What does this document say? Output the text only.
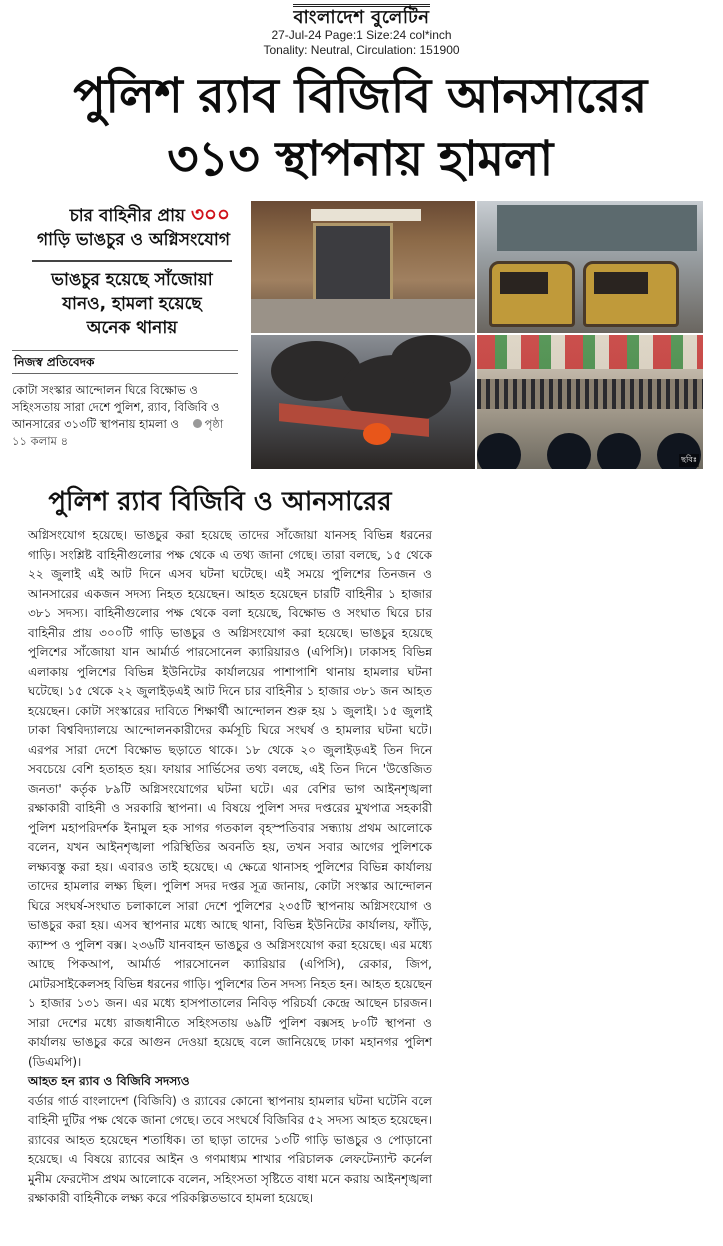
বাংলাদেশ বুলেটিন
27-Jul-24 Page:1 Size:24 col*inch
Tonality: Neutral, Circulation: 151900
পুলিশ র‍্যাব বিজিবি আনসারের
৩১৩ স্থাপনায় হামলা
চার বাহিনীর প্রায় ৩০০
গাড়ি ভাঙচুর ও অগ্নিসংযোগ
ভাঙচুর হয়েছে সাঁজোয়া
যানও, হামলা হয়েছে
অনেক থানায়
নিজস্ব প্রতিবেদক
কোটা সংস্কার আন্দোলন ঘিরে বিক্ষোভ ও সহিংসতায় সারা দেশে পুলিশ, র‍্যাব, বিজিবি ও আনসারের ৩১৩টি স্থাপনায় হামলা ও পৃষ্ঠা ১১ কলাম ৪
ছবিঃ
পুলিশ র‍্যাব বিজিবি ও আনসারের

অগ্নিসংযোগ হয়েছে। ভাঙচুর করা হয়েছে তাদের সাঁজোয়া যানসহ বিভিন্ন ধরনের গাড়ি। সংশ্লিষ্ট বাহিনীগুলোর পক্ষ থেকে এ তথ্য জানা গেছে। তারা বলছে, ১৫ থেকে ২২ জুলাই এই আট দিনে এসব ঘটনা ঘটেছে। এই সময়ে পুলিশের তিনজন ও আনসারের একজন সদস্য নিহত হয়েছেন। আহত হয়েছেন চারটি বাহিনীর ১ হাজার ৩৮১ সদস্য। বাহিনীগুলোর পক্ষ থেকে বলা হয়েছে, বিক্ষোভ ও সংঘাত ঘিরে চার বাহিনীর প্রায় ৩০০টি গাড়ি ভাঙচুর ও অগ্নিসংযোগ করা হয়েছে। ভাঙচুর হয়েছে পুলিশের সাঁজোয়া যান আর্মার্ড পারসোনেল ক্যারিয়ারও (এপিসি)। ঢাকাসহ বিভিন্ন এলাকায় পুলিশের বিভিন্ন ইউনিটের কার্যালয়ের পাশাপাশি থানায় হামলার ঘটনা ঘটেছে। ১৫ থেকে ২২ জুলাইড়এই আট দিনে চার বাহিনীর ১ হাজার ৩৮১ জন আহত হয়েছেন। কোটা সংস্কারের দাবিতে শিক্ষার্থী আন্দোলন শুরু হয় ১ জুলাই। ১৫ জুলাই ঢাকা বিশ্ববিদ্যালয়ে আন্দোলনকারীদের কর্মসূচি ঘিরে সংঘর্ষ ও হামলার ঘটনা ঘটে। এরপর সারা দেশে বিক্ষোভ ছড়াতে থাকে। ১৮ থেকে ২০ জুলাইড়এই তিন দিনে সবচেয়ে বেশি হতাহত হয়। ফায়ার সার্ভিসের তথ্য বলছে, এই তিন দিনে 'উত্তেজিত জনতা' কর্তৃক ৮৯টি অগ্নিসংযোগের ঘটনা ঘটে। এর বেশির ভাগ আইনশৃঙ্খলা রক্ষাকারী বাহিনী ও সরকারি স্থাপনা। এ বিষয়ে পুলিশ সদর দপ্তরের মুখপাত্র সহকারী পুলিশ মহাপরিদর্শক ইনামুল হক সাগর গতকাল বৃহস্পতিবার সন্ধ্যায় প্রথম আলোকে বলেন, যখন আইনশৃঙ্খলা পরিস্থিতির অবনতি হয়, তখন সবার আগের পুলিশকে লক্ষ্যবস্তু করা হয়। এবারও তাই হয়েছে। এ ক্ষেত্রে থানাসহ পুলিশের বিভিন্ন কার্যালয় তাদের হামলার লক্ষ্য ছিল। পুলিশ সদর দপ্তর সূত্র জানায়, কোটা সংস্কার আন্দোলন ঘিরে সংঘর্ষ-সংঘাত চলাকালে সারা দেশে পুলিশের ২৩৫টি স্থাপনায় অগ্নিসংযোগ ও ভাঙচুর করা হয়। এসব স্থাপনার মধ্যে আছে থানা, বিভিন্ন ইউনিটের কার্যালয়, ফাঁড়ি, ক্যাম্প ও পুলিশ বক্স। ২৩৬টি যানবাহন ভাঙচুর ও অগ্নিসংযোগ করা হয়েছে। এর মধ্যে আছে পিকআপ, আর্মার্ড পারসোনেল ক্যারিয়ার (এপিসি), রেকার, জিপ, মোটরসাইকেলসহ বিভিন্ন ধরনের গাড়ি। পুলিশের তিন সদস্য নিহত হন। আহত হয়েছেন ১ হাজার ১৩১ জন। এর মধ্যে হাসপাতালের নিবিড় পরিচর্যা কেন্দ্রে আছেন চারজন। সারা দেশের মধ্যে রাজধানীতে সহিংসতায় ৬৯টি পুলিশ বক্সসহ ৮০টি স্থাপনা ও কার্যালয় ভাঙচুর করে আগুন দেওয়া হয়েছে বলে জানিয়েছে ঢাকা মহানগর পুলিশ (ডিএমপি)।

আহত হন র‍্যাব ও বিজিবি সদস্যও

বর্ডার গার্ড বাংলাদেশ (বিজিবি) ও র‍্যাবের কোনো স্থাপনায় হামলার ঘটনা ঘটেনি বলে বাহিনী দুটির পক্ষ থেকে জানা গেছে। তবে সংঘর্ষে বিজিবির ৫২ সদস্য আহত হয়েছেন। র‍্যাবের আহত হয়েছেন শতাধিক। তা ছাড়া তাদের ১৩টি গাড়ি ভাঙচুর ও পোড়ানো হয়েছে। এ বিষয়ে র‍্যাবের আইন ও গণমাধ্যম শাখার পরিচালক লেফটেন্যান্ট কর্নেল মুনীম ফেরদৌস প্রথম আলোকে বলেন, সহিংসতা সৃষ্টিতে বাধা মনে করায় আইনশৃঙ্খলা রক্ষাকারী বাহিনীকে লক্ষ্য করে পরিকল্পিতভাবে হামলা হয়েছে।
